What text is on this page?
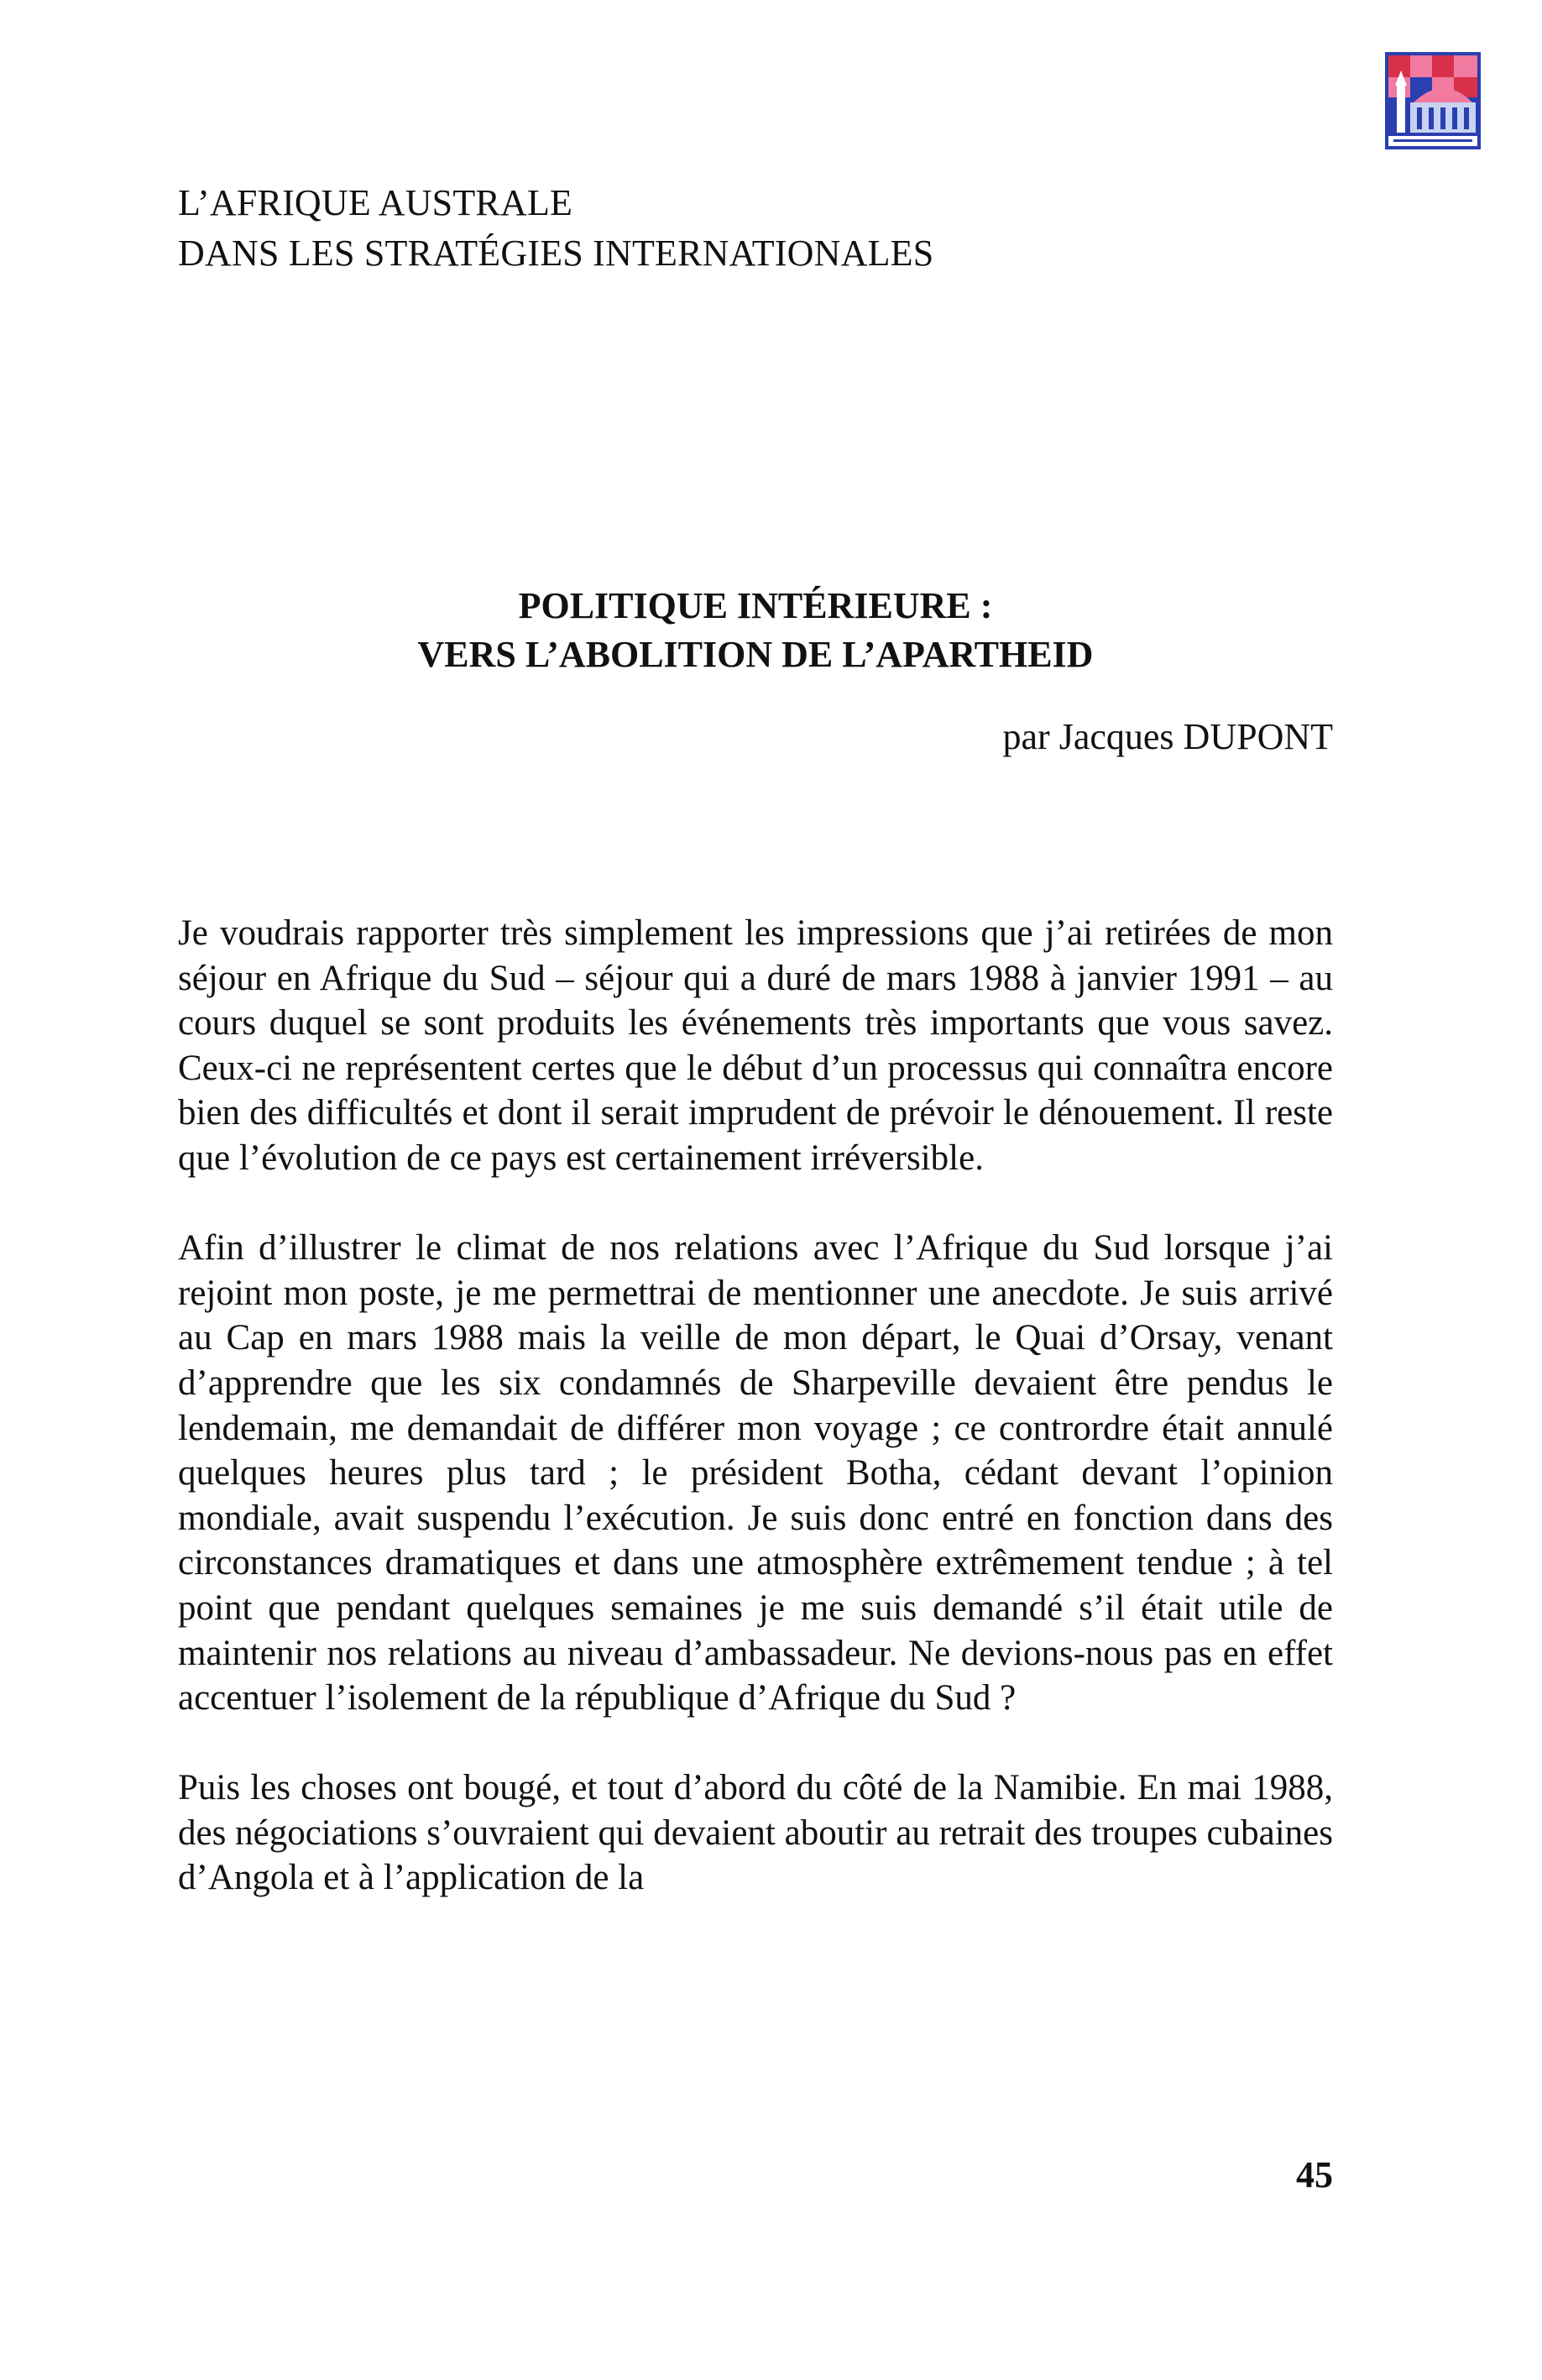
L’AFRIQUE AUSTRALE
DANS LES STRATÉGIES INTERNATIONALES
POLITIQUE INTÉRIEURE :
VERS L’ABOLITION DE L’APARTHEID
par Jacques DUPONT

Je voudrais rapporter très simplement les impressions que j’ai retirées de mon séjour en Afrique du Sud – séjour qui a duré de mars 1988 à janvier 1991 – au cours duquel se sont produits les événements très importants que vous savez. Ceux-ci ne représentent certes que le début d’un processus qui connaîtra encore bien des difficultés et dont il serait imprudent de prévoir le dénouement. Il reste que l’évolution de ce pays est certainement irréversible.

Afin d’illustrer le climat de nos relations avec l’Afrique du Sud lorsque j’ai rejoint mon poste, je me permettrai de mentionner une anecdote. Je suis arrivé au Cap en mars 1988 mais la veille de mon départ, le Quai d’Orsay, venant d’apprendre que les six condamnés de Sharpeville devaient être pendus le lendemain, me demandait de différer mon voyage ; ce contrordre était annulé quelques heures plus tard ; le président Botha, cédant devant l’opinion mondiale, avait suspendu l’exécution. Je suis donc entré en fonction dans des circonstances dramatiques et dans une atmosphère extrêmement tendue ; à tel point que pendant quelques semaines je me suis demandé s’il était utile de maintenir nos relations au niveau d’ambassadeur. Ne devions-nous pas en effet accentuer l’isolement de la république d’Afrique du Sud ?

Puis les choses ont bougé, et tout d’abord du côté de la Namibie. En mai 1988, des négociations s’ouvraient qui devaient aboutir au retrait des troupes cubaines d’Angola et à l’application de la

45
